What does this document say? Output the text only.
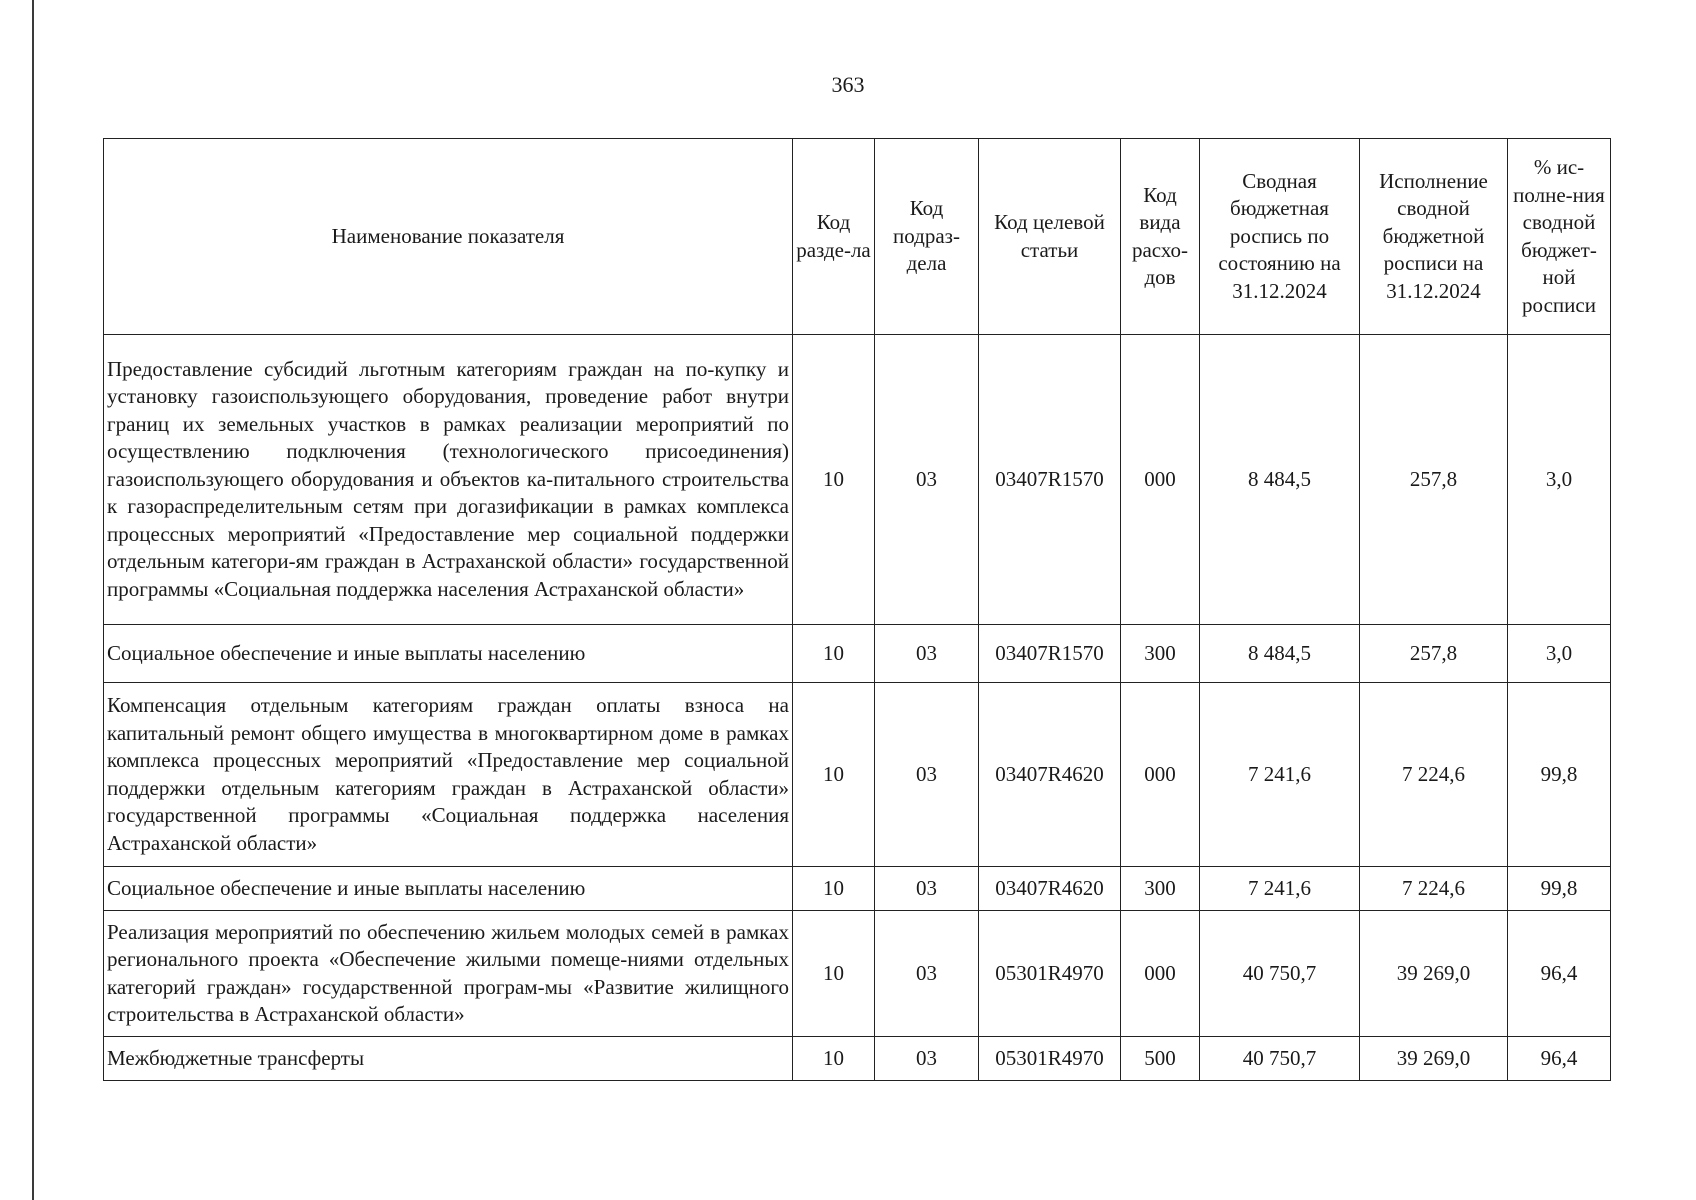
363
Наименование показателя	Код разде-ла	Код подраз-дела	Код целевой статьи	Код вида расхо-дов	Сводная бюджетная роспись по состоянию на 31.12.2024	Исполнение сводной бюджетной росписи на 31.12.2024	% ис-полне-ния сводной бюджет-ной росписи
Предоставление субсидий льготным категориям граждан на по-купку и установку газоиспользующего оборудования, проведение работ внутри границ их земельных участков в рамках реализации мероприятий по осуществлению подключения (технологического присоединения) газоиспользующего оборудования и объектов ка-питального строительства к газораспределительным сетям при догазификации в рамках комплекса процессных мероприятий «Предоставление мер социальной поддержки отдельным категори-ям граждан в Астраханской области» государственной программы «Социальная поддержка населения Астраханской области»	10	03	03407R1570	000	8 484,5	257,8	3,0
Социальное обеспечение и иные выплаты населению	10	03	03407R1570	300	8 484,5	257,8	3,0
Компенсация отдельным категориям граждан оплаты взноса на капитальный ремонт общего имущества в многоквартирном доме в рамках комплекса процессных мероприятий «Предоставление мер социальной поддержки отдельным категориям граждан в Астраханской области» государственной программы «Социальная поддержка населения Астраханской области»	10	03	03407R4620	000	7 241,6	7 224,6	99,8
Социальное обеспечение и иные выплаты населению	10	03	03407R4620	300	7 241,6	7 224,6	99,8
Реализация мероприятий по обеспечению жильем молодых семей в рамках регионального проекта «Обеспечение жилыми помеще-ниями отдельных категорий граждан» государственной програм-мы «Развитие жилищного строительства в Астраханской области»	10	03	05301R4970	000	40 750,7	39 269,0	96,4
Межбюджетные трансферты	10	03	05301R4970	500	40 750,7	39 269,0	96,4
